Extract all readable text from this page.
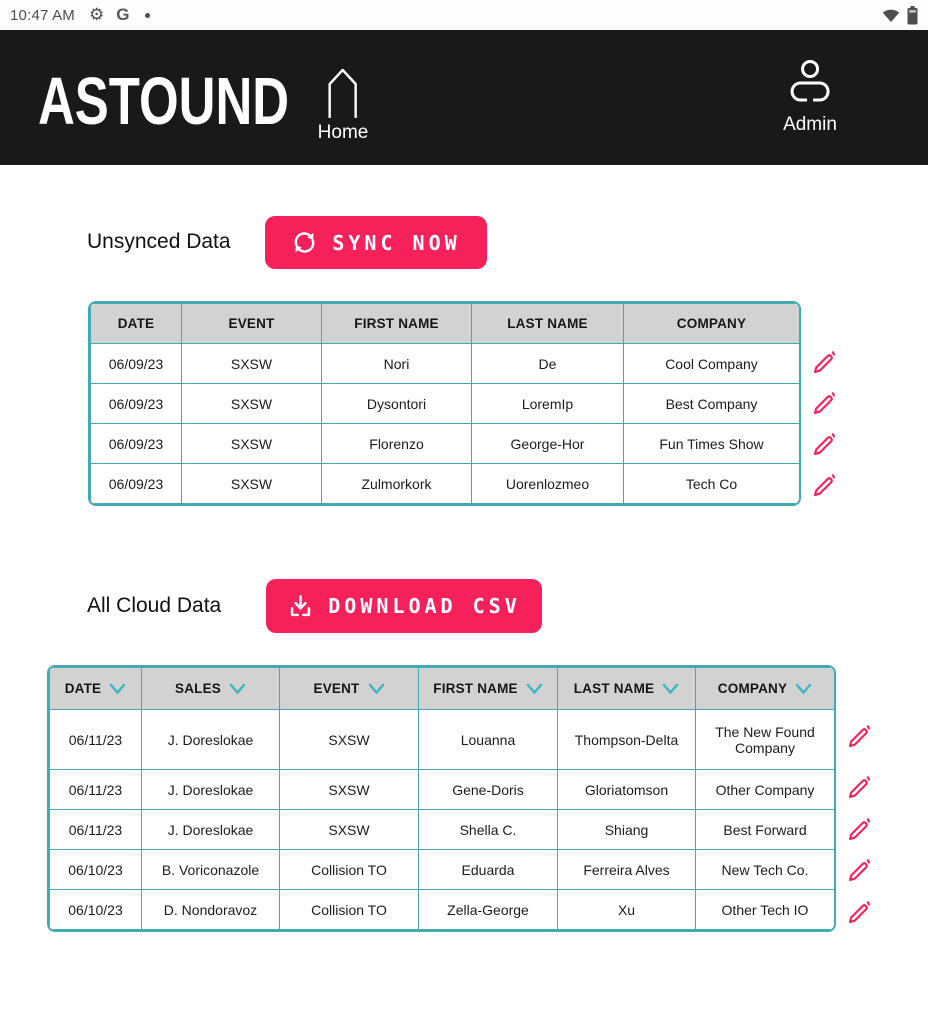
10:47 AM ⚙ G
ASTOUND Home	Admin
Unsynced Data	SYNC NOW
DATE	EVENT	FIRST NAME	LAST NAME	COMPANY
06/09/23	SXSW	Nori	De	Cool Company
06/09/23	SXSW	Dysontori	LoremIp	Best Company
06/09/23	SXSW	Florenzo	George-Hor	Fun Times Show
06/09/23	SXSW	Zulmorkork	Uorenlozmeo	Tech Co
All Cloud Data	DOWNLOAD CSV
DATE	SALES	EVENT	FIRST NAME	LAST NAME	COMPANY

06/11/23	J. Doreslokae	SXSW	Louanna	Thompson-Delta	The New Found Company
06/11/23	J. Doreslokae	SXSW	Gene-Doris	Gloriatomson	Other Company
06/11/23	J. Doreslokae	SXSW	Shella C.	Shiang	Best Forward
06/10/23	B. Voriconazole	Collision TO	Eduarda	Ferreira Alves	New Tech Co.
06/10/23	D. Nondoravoz	Collision TO	Zella-George	Xu	Other Tech IO
